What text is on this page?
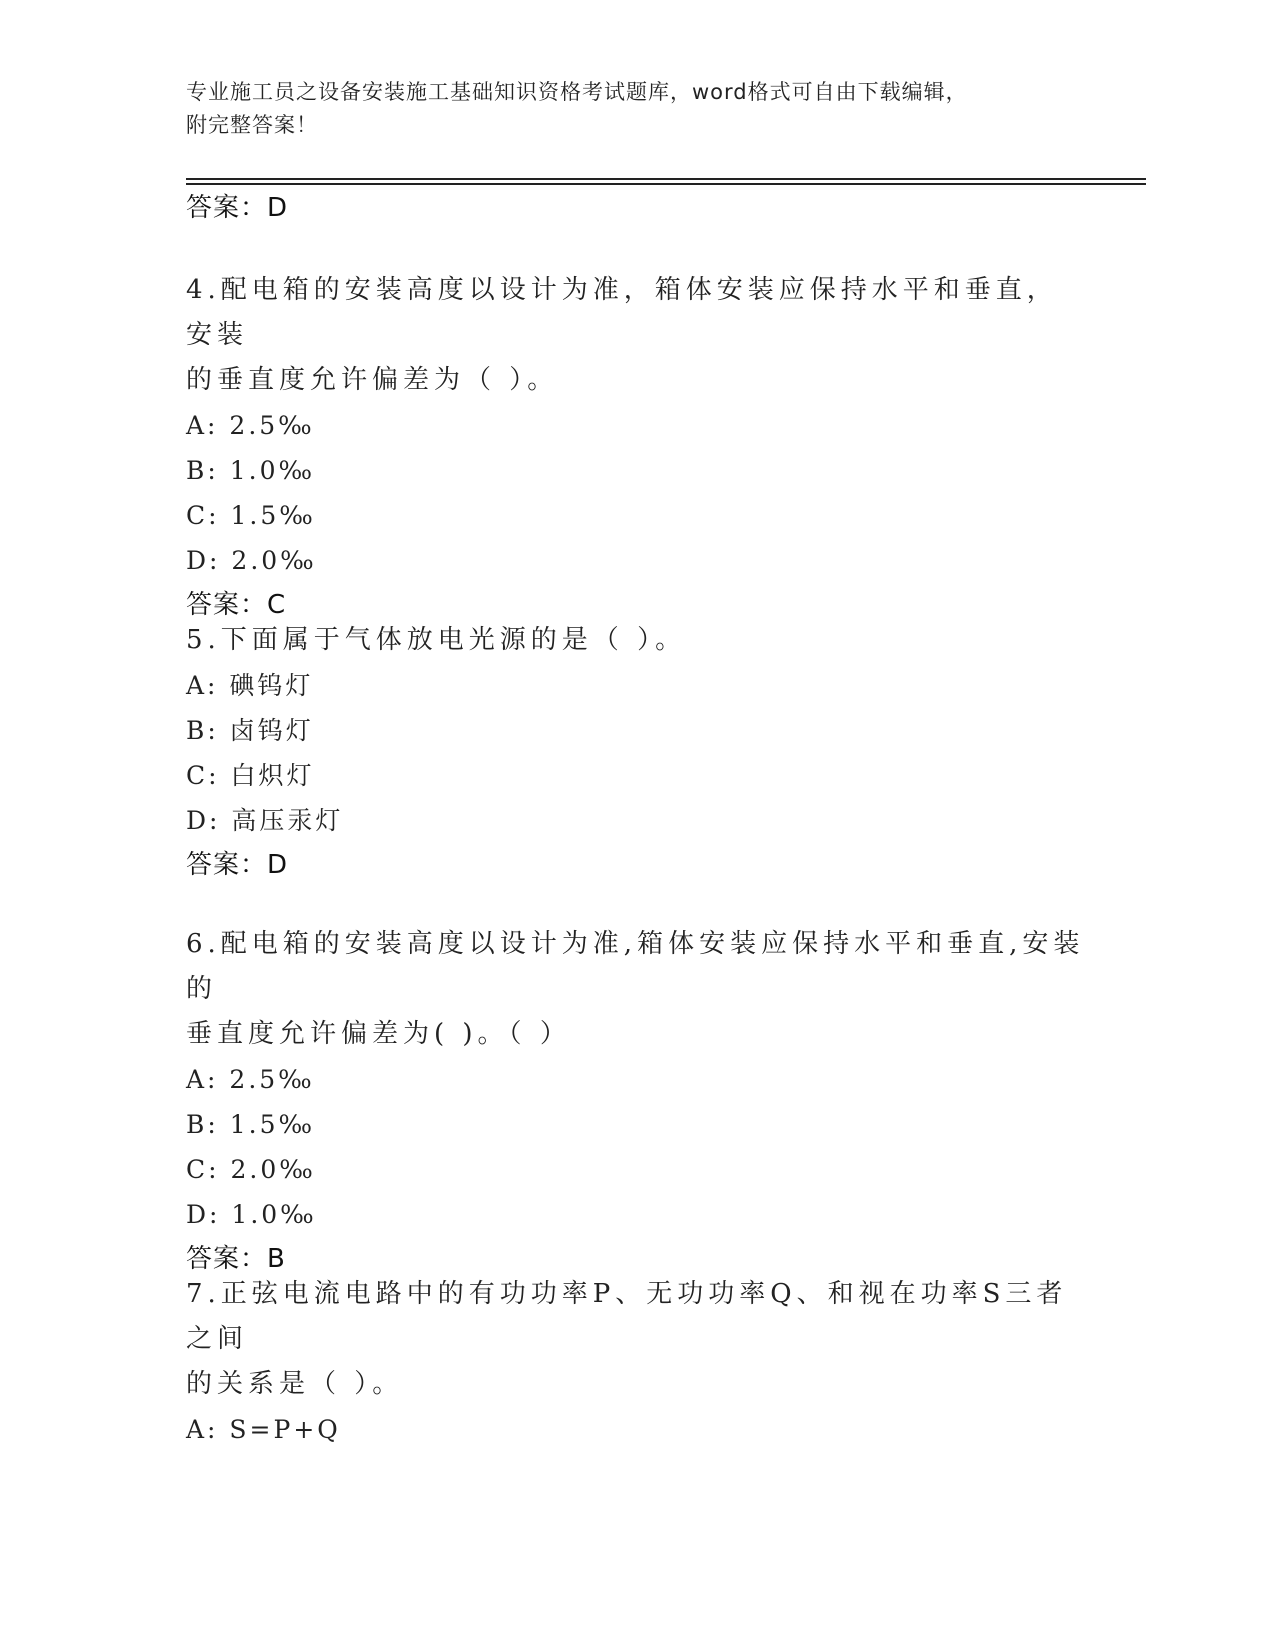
专业施工员之设备安装施工基础知识资格考试题库，word格式可自由下载编辑，
附完整答案！
答案：D
4.配电箱的安装高度以设计为准，箱体安装应保持水平和垂直，安装
的垂直度允许偏差为（ ）。
A: 2.5‰
B: 1.0‰
C: 1.5‰
D: 2.0‰
答案：C
5.下面属于气体放电光源的是（ ）。
A: 碘钨灯
B: 卤钨灯
C: 白炽灯
D: 高压汞灯
答案：D
6.配电箱的安装高度以设计为准,箱体安装应保持水平和垂直,安装的
垂直度允许偏差为( )。（ ）
A: 2.5‰
B: 1.5‰
C: 2.0‰
D: 1.0‰
答案：B
7.正弦电流电路中的有功功率P、无功功率Q、和视在功率S三者之间
的关系是（ ）。
A: S=P+Q
